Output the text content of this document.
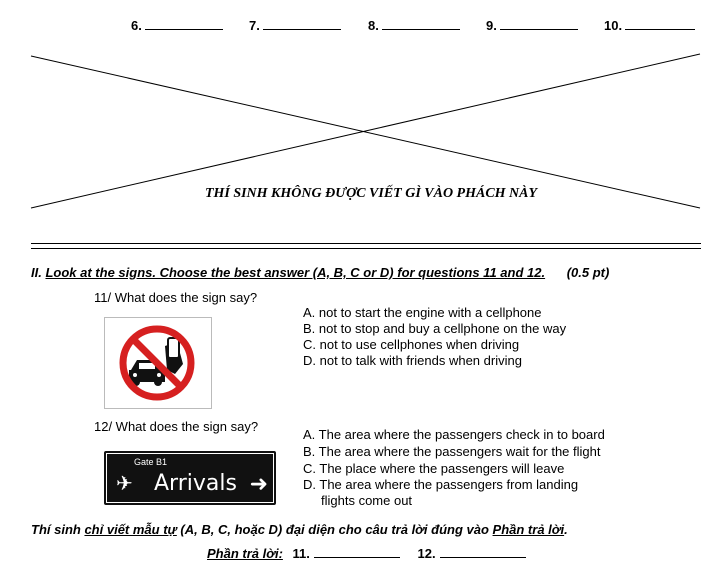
6.	7.	8.	9.	10.
THÍ SINH KHÔNG ĐƯỢC VIẾT GÌ VÀO PHÁCH NÀY
II. Look at the signs. Choose the best answer (A, B, C or D) for questions 11 and 12. (0.5 pt)
11/ What does the sign say?
A. not to start the engine with a cellphone
B. not to stop and buy a cellphone on the way
C. not to use cellphones when driving
D. not to talk with friends when driving
12/ What does the sign say?
Gate B1
✈ Arrivals ➜
A. The area where the passengers check in to board
B. The area where the passengers wait for the flight
C. The place where the passengers will leave
D. The area where the passengers from landing
flights come out
Thí sinh chỉ viết mẫu tự (A, B, C, hoặc D) đại diện cho câu trả lời đúng vào Phần trả lời.
Phần trả lời: 11.	12.
